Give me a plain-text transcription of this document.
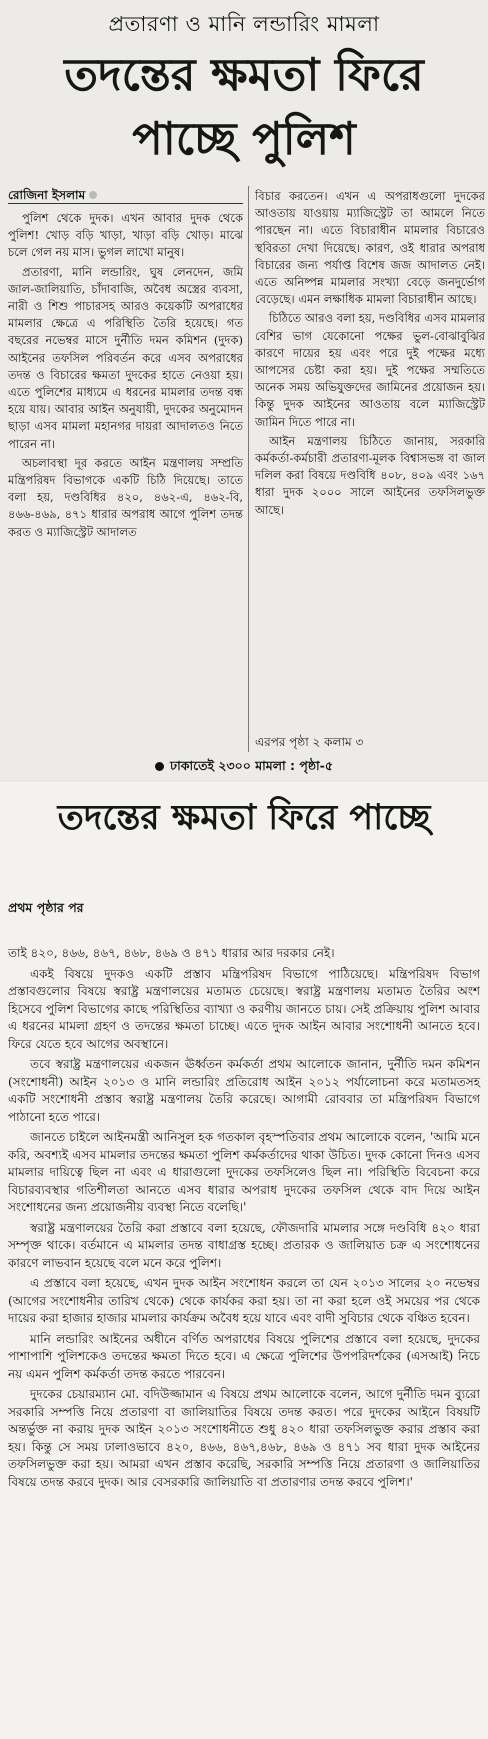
প্রতারণা ও মানি লন্ডারিং মামলা
তদন্তের ক্ষমতা ফিরে
পাচ্ছে পুলিশ
রোজিনা ইসলাম

পুলিশ থেকে দুদক। এখন আবার দুদক থেকে পুলিশ! খোড় বড়ি খাড়া, খাড়া বড়ি খোড়। মাঝে চলে গেল নয় মাস। ভুগল লাখো মানুষ।

প্রতারণা, মানি লন্ডারিং, ঘুষ লেনদেন, জমি জাল-জালিয়াতি, চাঁদাবাজি, অবৈধ অস্ত্রের ব্যবসা, নারী ও শিশু পাচারসহ আরও কয়েকটি অপরাধের মামলার ক্ষেত্রে এ পরিস্থিতি তৈরি হয়েছে। গত বছরের নভেম্বর মাসে দুর্নীতি দমন কমিশন (দুদক) আইনের তফসিল পরিবর্তন করে এসব অপরাধের তদন্ত ও বিচারের ক্ষমতা দুদকের হাতে নেওয়া হয়। এতে পুলিশের মাধ্যমে এ ধরনের মামলার তদন্ত বন্ধ হয়ে যায়। আবার আইন অনুযায়ী, দুদকের অনুমোদন ছাড়া এসব মামলা মহানগর দায়রা আদালতও নিতে পারেন না।

অচলাবস্থা দূর করতে আইন মন্ত্রণালয় সম্প্রতি মন্ত্রিপরিষদ বিভাগকে একটি চিঠি দিয়েছে। তাতে বলা হয়, দণ্ডবিধির ৪২০, ৪৬২-এ, ৪৬২-বি, ৪৬৬-৪৬৯, ৪৭১ ধারার অপরাধ আগে পুলিশ তদন্ত করত ও ম্যাজিস্ট্রেট আদালত

বিচার করতেন। এখন এ অপরাধগুলো দুদকের আওতায় যাওয়ায় ম্যাজিস্ট্রেট তা আমলে নিতে পারছেন না। এতে বিচারাধীন মামলার বিচারেও স্থবিরতা দেখা দিয়েছে। কারণ, ওই ধারার অপরাধ বিচারের জন্য পর্যাপ্ত বিশেষ জজ আদালত নেই। এতে অনিষ্পন্ন মামলার সংখ্যা বেড়ে জনদুর্ভোগ বেড়েছে। এমন লক্ষাধিক মামলা বিচারাধীন আছে।

চিঠিতে আরও বলা হয়, দণ্ডবিধির এসব মামলার বেশির ভাগ যেকোনো পক্ষের ভুল-বোঝাবুঝির কারণে দায়ের হয় এবং পরে দুই পক্ষের মধ্যে আপসের চেষ্টা করা হয়। দুই পক্ষের সম্মতিতে অনেক সময় অভিযুক্তদের জামিনের প্রয়োজন হয়। কিন্তু দুদক আইনের আওতায় বলে ম্যাজিস্ট্রেট জামিন দিতে পারে না।

আইন মন্ত্রণালয় চিঠিতে জানায়, সরকারি কর্মকর্তা-কর্মচারী প্রতারণা-মূলক বিশ্বাসভঙ্গ বা জাল দলিল করা বিষয়ে দণ্ডবিধি ৪০৮, ৪০৯ এবং ১৬৭ ধারা দুদক ২০০০ সালে আইনের তফসিলভুক্ত আছে।

এরপর পৃষ্ঠা ২ কলাম ৩
ঢাকাতেই ২৩০০ মামলা : পৃষ্ঠা-৫
তদন্তের ক্ষমতা ফিরে পাচ্ছে
প্রথম পৃষ্ঠার পর

তাই ৪২০, ৪৬৬, ৪৬৭, ৪৬৮, ৪৬৯ ও ৪৭১ ধারার আর দরকার নেই।

একই বিষয়ে দুদকও একটি প্রস্তাব মন্ত্রিপরিষদ বিভাগে পাঠিয়েছে। মন্ত্রিপরিষদ বিভাগ প্রস্তাবগুলোর বিষয়ে স্বরাষ্ট্র মন্ত্রণালয়ের মতামত চেয়েছে। স্বরাষ্ট্র মন্ত্রণালয় মতামত তৈরির অংশ হিসেবে পুলিশ বিভাগের কাছে পরিস্থিতির ব্যাখ্যা ও করণীয় জানতে চায়। সেই প্রক্রিয়ায় পুলিশ আবার এ ধরনের মামলা গ্রহণ ও তদন্তের ক্ষমতা চাচ্ছে। এতে দুদক আইন আবার সংশোধনী আনতে হবে। ফিরে যেতে হবে আগের অবস্থানে।

তবে স্বরাষ্ট্র মন্ত্রণালয়ের একজন ঊর্ধ্বতন কর্মকর্তা প্রথম আলোকে জানান, দুর্নীতি দমন কমিশন (সংশোধনী) আইন ২০১৩ ও মানি লন্ডারিং প্রতিরোধ আইন ২০১২ পর্যালোচনা করে মতামতসহ একটি সংশোধনী প্রস্তাব স্বরাষ্ট্র মন্ত্রণালয় তৈরি করেছে। আগামী রোববার তা মন্ত্রিপরিষদ বিভাগে পাঠানো হতে পারে।

জানতে চাইলে আইনমন্ত্রী আনিসুল হক গতকাল বৃহস্পতিবার প্রথম আলোকে বলেন, 'আমি মনে করি, অবশ্যই এসব মামলার তদন্তের ক্ষমতা পুলিশ কর্মকর্তাদের থাকা উচিত। দুদক কোনো দিনও এসব মামলার দায়িত্বে ছিল না এবং এ ধারাগুলো দুদকের তফসিলেও ছিল না। পরিস্থিতি বিবেচনা করে বিচারব্যবস্থার গতিশীলতা আনতে এসব ধারার অপরাধ দুদকের তফসিল থেকে বাদ দিয়ে আইন সংশোধনের জন্য প্রয়োজনীয় ব্যবস্থা নিতে বলেছি।'

স্বরাষ্ট্র মন্ত্রণালয়ের তৈরি করা প্রস্তাবে বলা হয়েছে, ফৌজদারি মামলার সঙ্গে দণ্ডবিধি ৪২০ ধারা সম্পৃক্ত থাকে। বর্তমানে এ মামলার তদন্ত বাধাগ্রস্ত হচ্ছে। প্রতারক ও জালিয়াত চক্র এ সংশোধনের কারণে লাভবান হয়েছে বলে মনে করে পুলিশ।

এ প্রস্তাবে বলা হয়েছে, এখন দুদক আইন সংশোধন করলে তা যেন ২০১৩ সালের ২০ নভেম্বর (আগের সংশোধনীর তারিখ থেকে) থেকে কার্যকর করা হয়। তা না করা হলে ওই সময়ের পর থেকে দায়ের করা হাজার হাজার মামলার কার্যক্রম অবৈধ হয়ে যাবে এবং বাদী সুবিচার থেকে বঞ্চিত হবেন।

মানি লন্ডারিং আইনের অধীনে বর্ণিত অপরাধের বিষয়ে পুলিশের প্রস্তাবে বলা হয়েছে, দুদকের পাশাপাশি পুলিশকেও তদন্তের ক্ষমতা দিতে হবে। এ ক্ষেত্রে পুলিশের উপপরিদর্শকের (এসআই) নিচে নয় এমন পুলিশ কর্মকর্তা তদন্ত করতে পারবেন।

দুদকের চেয়ারম্যান মো. বদিউজ্জামান এ বিষয়ে প্রথম আলোকে বলেন, আগে দুর্নীতি দমন ব্যুরো সরকারি সম্পত্তি নিয়ে প্রতারণা বা জালিয়াতির বিষয়ে তদন্ত করত। পরে দুদকের আইনে বিষয়টি অন্তর্ভুক্ত না করায় দুদক আইন ২০১৩ সংশোধনীতে শুধু ৪২০ ধারা তফসিলভুক্ত করার প্রস্তাব করা হয়। কিন্তু সে সময় ঢালাওভাবে ৪২০, ৪৬৬, ৪৬৭,৪৬৮, ৪৬৯ ও ৪৭১ সব ধারা দুদক আইনের তফসিলভুক্ত করা হয়। আমরা এখন প্রস্তাব করেছি, সরকারি সম্পত্তি নিয়ে প্রতারণা ও জালিয়াতির বিষয়ে তদন্ত করবে দুদক। আর বেসরকারি জালিয়াতি বা প্রতারণার তদন্ত করবে পুলিশ।'
